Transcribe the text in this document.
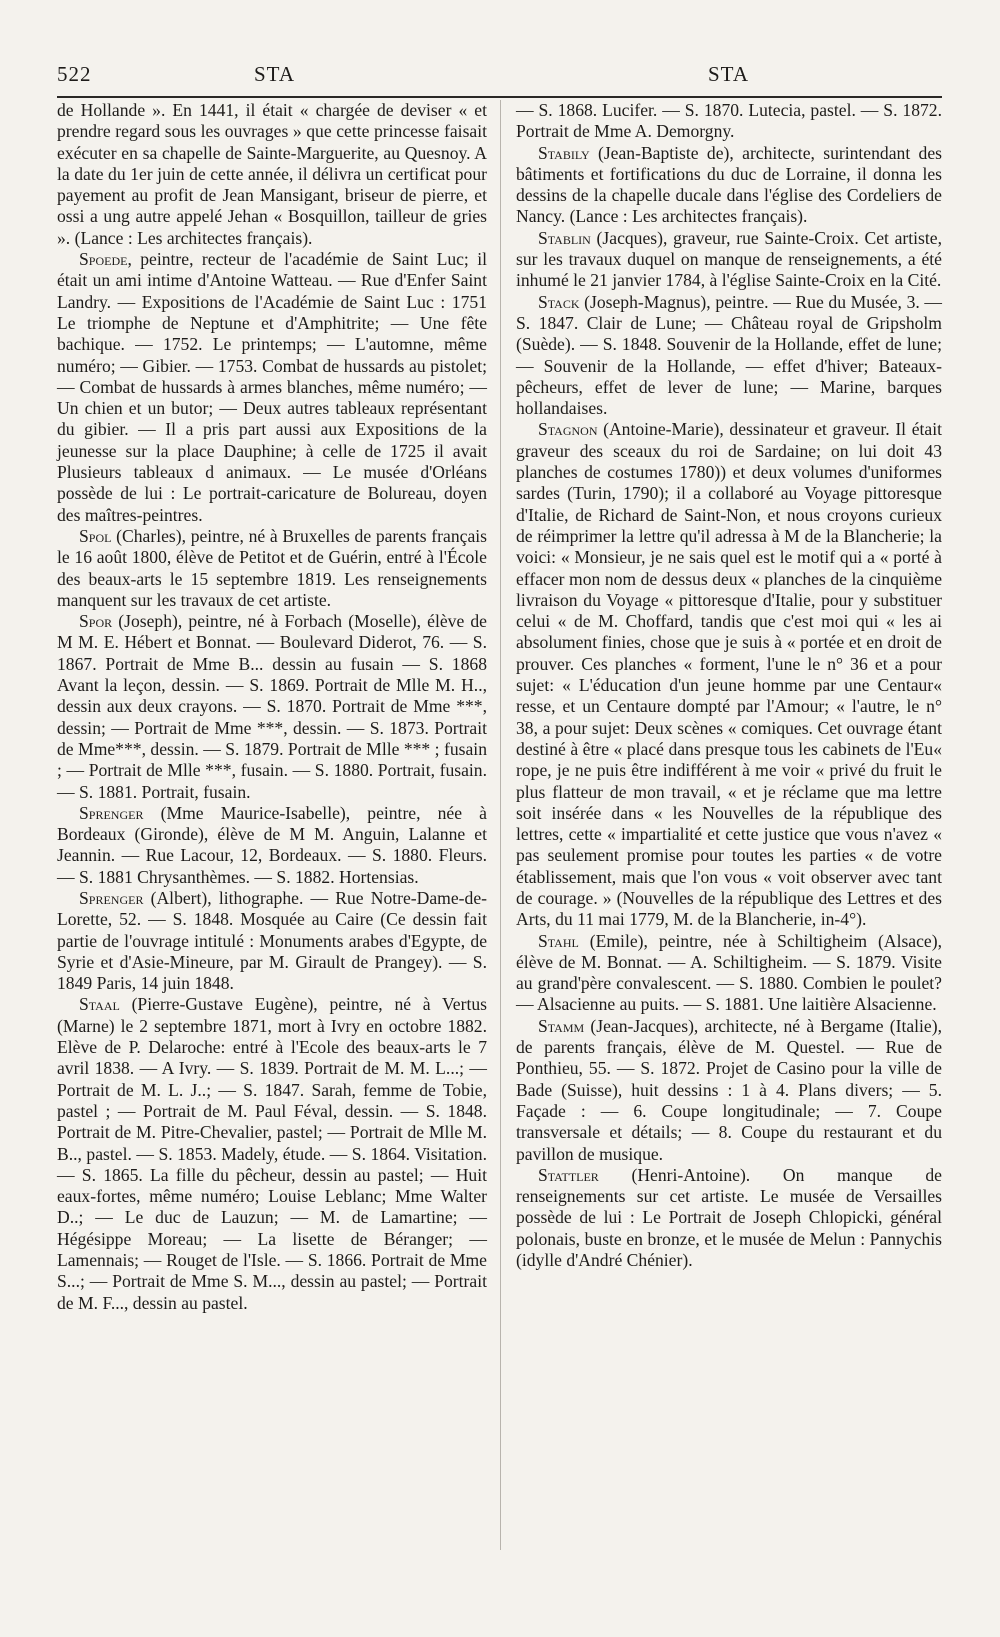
522	STA	STA

de Hollande ». En 1441, il était « chargée de deviser « et prendre regard sous les ouvrages » que cette princesse faisait exécuter en sa chapelle de Sainte-Marguerite, au Quesnoy. A la date du 1er juin de cette année, il délivra un certificat pour payement au profit de Jean Mansigant, briseur de pierre, et ossi a ung autre appelé Jehan « Bosquillon, tailleur de gries ». (Lance : Les architectes français).

Spoede, peintre, recteur de l'académie de Saint Luc; il était un ami intime d'Antoine Watteau. — Rue d'Enfer Saint Landry. — Expositions de l'Académie de Saint Luc : 1751 Le triomphe de Neptune et d'Amphitrite; — Une fête bachique. — 1752. Le printemps; — L'automne, même numéro; — Gibier. — 1753. Combat de hussards au pistolet; — Combat de hussards à armes blanches, même numéro; — Un chien et un butor; — Deux autres tableaux représentant du gibier. — Il a pris part aussi aux Expositions de la jeunesse sur la place Dauphine; à celle de 1725 il avait Plusieurs tableaux d animaux. — Le musée d'Orléans possède de lui : Le portrait-caricature de Bolureau, doyen des maîtres-peintres.

Spol (Charles), peintre, né à Bruxelles de parents français le 16 août 1800, élève de Petitot et de Guérin, entré à l'École des beaux-arts le 15 septembre 1819. Les renseignements manquent sur les travaux de cet artiste.

Spor (Joseph), peintre, né à Forbach (Moselle), élève de M M. E. Hébert et Bonnat. — Boulevard Diderot, 76. — S. 1867. Portrait de Mme B... dessin au fusain — S. 1868 Avant la leçon, dessin. — S. 1869. Portrait de Mlle M. H.., dessin aux deux crayons. — S. 1870. Portrait de Mme ***, dessin; — Portrait de Mme ***, dessin. — S. 1873. Portrait de Mme***, dessin. — S. 1879. Portrait de Mlle *** ; fusain ; — Portrait de Mlle ***, fusain. — S. 1880. Portrait, fusain. — S. 1881. Portrait, fusain.

Sprenger (Mme Maurice-Isabelle), peintre, née à Bordeaux (Gironde), élève de M M. Anguin, Lalanne et Jeannin. — Rue Lacour, 12, Bordeaux. — S. 1880. Fleurs. — S. 1881 Chrysanthèmes. — S. 1882. Hortensias.

Sprenger (Albert), lithographe. — Rue Notre-Dame-de-Lorette, 52. — S. 1848. Mosquée au Caire (Ce dessin fait partie de l'ouvrage intitulé : Monuments arabes d'Egypte, de Syrie et d'Asie-Mineure, par M. Girault de Prangey). — S. 1849 Paris, 14 juin 1848.

Staal (Pierre-Gustave Eugène), peintre, né à Vertus (Marne) le 2 septembre 1871, mort à Ivry en octobre 1882. Elève de P. Delaroche: entré à l'Ecole des beaux-arts le 7 avril 1838. — A Ivry. — S. 1839. Portrait de M. M. L...; — Portrait de M. L. J..; — S. 1847. Sarah, femme de Tobie, pastel ; — Portrait de M. Paul Féval, dessin. — S. 1848. Portrait de M. Pitre-Chevalier, pastel; — Portrait de Mlle M. B.., pastel. — S. 1853. Madely, étude. — S. 1864. Visitation. — S. 1865. La fille du pêcheur, dessin au pastel; — Huit eaux-fortes, même numéro; Louise Leblanc; Mme Walter D..; — Le duc de Lauzun; — M. de Lamartine; — Hégésippe Moreau; — La lisette de Béranger; — Lamennais; — Rouget de l'Isle. — S. 1866. Portrait de Mme S...; — Portrait de Mme S. M..., dessin au pastel; — Portrait de M. F..., dessin au pastel.

— S. 1868. Lucifer. — S. 1870. Lutecia, pastel. — S. 1872. Portrait de Mme A. Demorgny.

Stabily (Jean-Baptiste de), architecte, surintendant des bâtiments et fortifications du duc de Lorraine, il donna les dessins de la chapelle ducale dans l'église des Cordeliers de Nancy. (Lance : Les architectes français).

Stablin (Jacques), graveur, rue Sainte-Croix. Cet artiste, sur les travaux duquel on manque de renseignements, a été inhumé le 21 janvier 1784, à l'église Sainte-Croix en la Cité.

Stack (Joseph-Magnus), peintre. — Rue du Musée, 3. — S. 1847. Clair de Lune; — Château royal de Gripsholm (Suède). — S. 1848. Souvenir de la Hollande, effet de lune; — Souvenir de la Hollande, — effet d'hiver; Bateaux-pêcheurs, effet de lever de lune; — Marine, barques hollandaises.

Stagnon (Antoine-Marie), dessinateur et graveur. Il était graveur des sceaux du roi de Sardaine; on lui doit 43 planches de costumes 1780)) et deux volumes d'uniformes sardes (Turin, 1790); il a collaboré au Voyage pittoresque d'Italie, de Richard de Saint-Non, et nous croyons curieux de réimprimer la lettre qu'il adressa à M de la Blancherie; la voici: « Monsieur, je ne sais quel est le motif qui a « porté à effacer mon nom de dessus deux « planches de la cinquième livraison du Voyage « pittoresque d'Italie, pour y substituer celui « de M. Choffard, tandis que c'est moi qui « les ai absolument finies, chose que je suis à « portée et en droit de prouver. Ces planches « forment, l'une le n° 36 et a pour sujet: « L'éducation d'un jeune homme par une Centaur« resse, et un Centaure dompté par l'Amour; « l'autre, le n° 38, a pour sujet: Deux scènes « comiques. Cet ouvrage étant destiné à être « placé dans presque tous les cabinets de l'Eu« rope, je ne puis être indifférent à me voir « privé du fruit le plus flatteur de mon travail, « et je réclame que ma lettre soit insérée dans « les Nouvelles de la république des lettres, cette « impartialité et cette justice que vous n'avez « pas seulement promise pour toutes les parties « de votre établissement, mais que l'on vous « voit observer avec tant de courage. » (Nouvelles de la république des Lettres et des Arts, du 11 mai 1779, M. de la Blancherie, in-4°).

Stahl (Emile), peintre, née à Schiltigheim (Alsace), élève de M. Bonnat. — A. Schiltigheim. — S. 1879. Visite au grand'père convalescent. — S. 1880. Combien le poulet? — Alsacienne au puits. — S. 1881. Une laitière Alsacienne.

Stamm (Jean-Jacques), architecte, né à Bergame (Italie), de parents français, élève de M. Questel. — Rue de Ponthieu, 55. — S. 1872. Projet de Casino pour la ville de Bade (Suisse), huit dessins : 1 à 4. Plans divers; — 5. Façade : — 6. Coupe longitudinale; — 7. Coupe transversale et détails; — 8. Coupe du restaurant et du pavillon de musique.

Stattler (Henri-Antoine). On manque de renseignements sur cet artiste. Le musée de Versailles possède de lui : Le Portrait de Joseph Chlopicki, général polonais, buste en bronze, et le musée de Melun : Pannychis (idylle d'André Chénier).
